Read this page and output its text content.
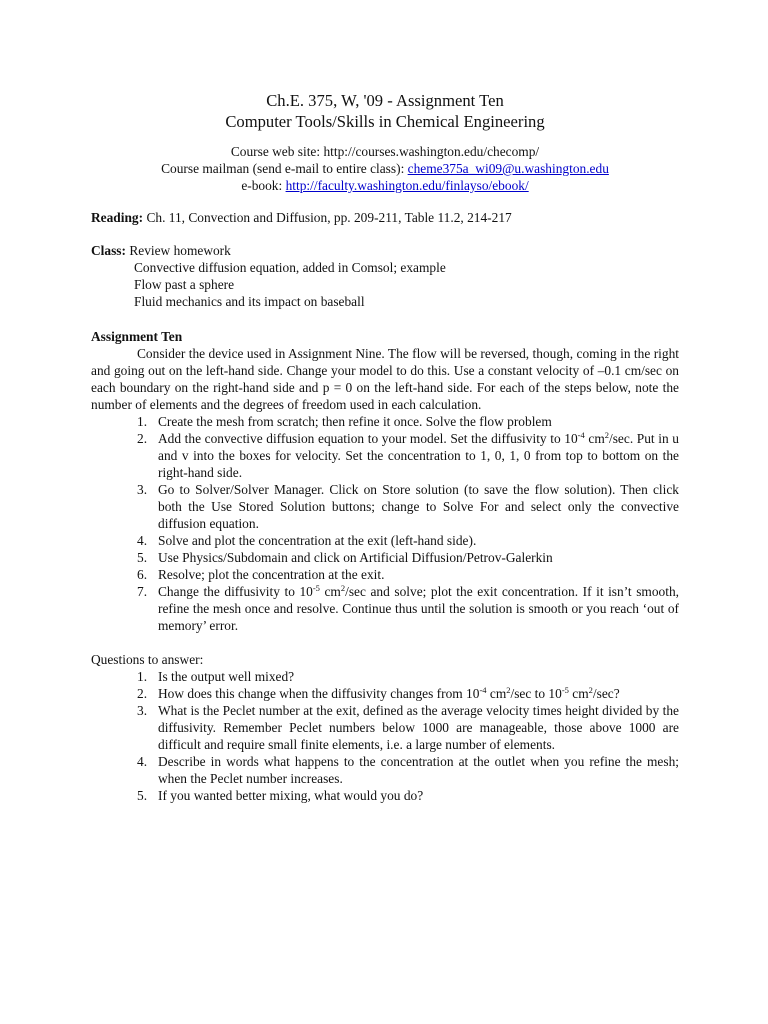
Ch.E. 375, W, '09 - Assignment Ten
Computer Tools/Skills in Chemical Engineering
Course web site: http://courses.washington.edu/checomp/
Course mailman (send e-mail to entire class): cheme375a_wi09@u.washington.edu
e-book: http://faculty.washington.edu/finlayso/ebook/

Reading: Ch. 11, Convection and Diffusion, pp. 209-211, Table 11.2, 214-217

Class: Review homework
Convective diffusion equation, added in Comsol; example
Flow past a sphere
Fluid mechanics and its impact on baseball
Assignment Ten

Consider the device used in Assignment Nine. The flow will be reversed, though, coming in the right and going out on the left-hand side. Change your model to do this. Use a constant velocity of –0.1 cm/sec on each boundary on the right-hand side and p = 0 on the left-hand side. For each of the steps below, note the number of elements and the degrees of freedom used in each calculation.

1. Create the mesh from scratch; then refine it once. Solve the flow problem
2. Add the convective diffusion equation to your model. Set the diffusivity to $10^{-4}$ $cm^2/\sec$. Put in u and v into the boxes for velocity. Set the concentration to 1, 0, 1, 0 from top to bottom on the right-hand side.
3. Go to Solver/Solver Manager. Click on Store solution (to save the flow solution). Then click both the Use Stored Solution buttons; change to Solve For and select only the convective diffusion equation.
4. Solve and plot the concentration at the exit (left-hand side).
5. Use Physics/Subdomain and click on Artificial Diffusion/Petrov-Galerkin
6. Resolve; plot the concentration at the exit.
7. Change the diffusivity to $10^{-5}$ $cm^2/\sec$ and solve; plot the exit concentration. If it isn’t smooth, refine the mesh once and resolve. Continue thus until the solution is smooth or you reach ‘out of memory’ error.
Questions to answer:
1. Is the output well mixed?
2. How does this change when the diffusivity changes from $10^{-4}$ $cm^2/\sec$ to $10^{-5}$ $cm^2/\sec$?
3. What is the Peclet number at the exit, defined as the average velocity times height divided by the diffusivity. Remember Peclet numbers below 1000 are manageable, those above 1000 are difficult and require small finite elements, i.e. a large number of elements.
4. Describe in words what happens to the concentration at the outlet when you refine the mesh; when the Peclet number increases.
5. If you wanted better mixing, what would you do?
